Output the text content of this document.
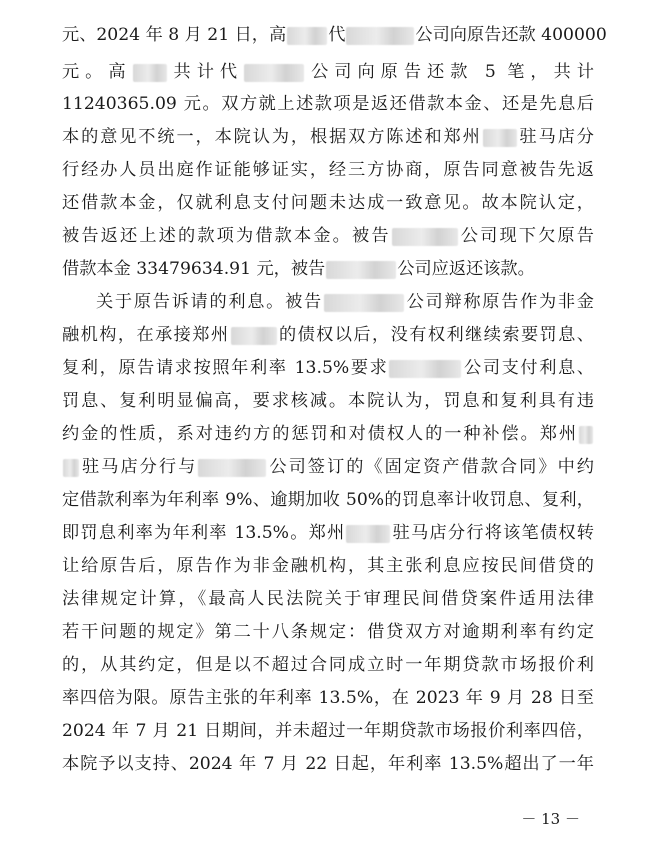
元、2024 年 8 月 21 日，高 代	公司向原告还款 400000
元。高 共计代	公司向原告还款 5 笔，共计
11240365.09 元。双方就上述款项是返还借款本金、还是先息后
本的意见不统一，本院认为，根据双方陈述和郑州 驻马店分
行经办人员出庭作证能够证实，经三方协商，原告同意被告先返
还借款本金，仅就利息支付问题未达成一致意见。故本院认定，
被告返还上述的款项为借款本金。被告	公司现下欠原告
借款本金 33479634.91 元，被告	公司应返还该款。
关于原告诉请的利息。被告	公司辩称原告作为非金
融机构，在承接郑州	的债权以后，没有权利继续索要罚息、
复利，原告请求按照年利率 13.5%要求	公司支付利息、
罚息、复利明显偏高，要求核减。本院认为，罚息和复利具有违
约金的性质，系对违约方的惩罚和对债权人的一种补偿。郑州
驻马店分行与	公司签订的《固定资产借款合同》中约
定借款利率为年利率 9%、逾期加收 50%的罚息率计收罚息、复利，
即罚息利率为年利率 13.5%。郑州	驻马店分行将该笔债权转
让给原告后，原告作为非金融机构，其主张利息应按民间借贷的
法律规定计算，《最高人民法院关于审理民间借贷案件适用法律
若干问题的规定》第二十八条规定：借贷双方对逾期利率有约定
的，从其约定，但是以不超过合同成立时一年期贷款市场报价利
率四倍为限。原告主张的年利率 13.5%，在 2023 年 9 月 28 日至
2024 年 7 月 21 日期间，并未超过一年期贷款市场报价利率四倍，
本院予以支持、2024 年 7 月 22 日起，年利率 13.5%超出了一年
－ 13 －
